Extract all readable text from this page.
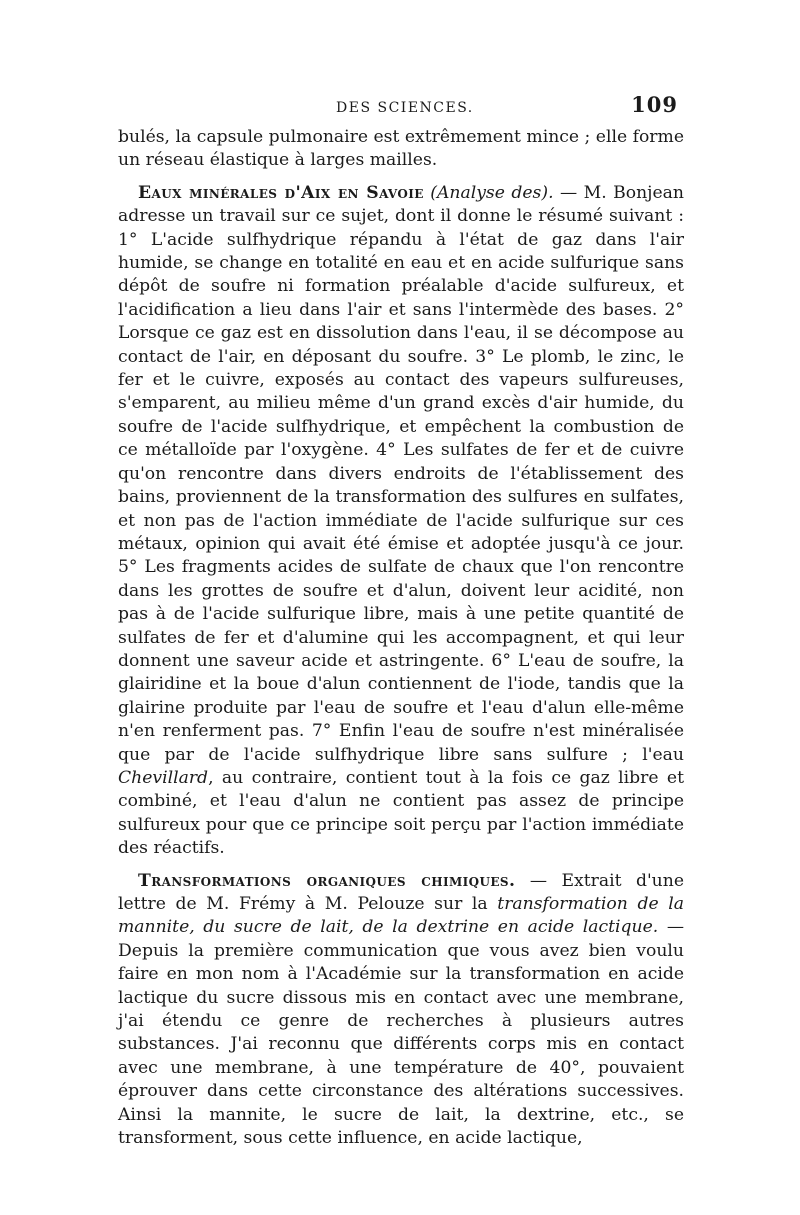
DES SCIENCES.	109

bulés, la capsule pulmonaire est extrêmement mince ; elle forme un réseau élastique à larges mailles.

Eaux minérales d'Aix en Savoie (Analyse des). — M. Bonjean adresse un travail sur ce sujet, dont il donne le résumé suivant : 1° L'acide sulfhydrique répandu à l'état de gaz dans l'air humide, se change en totalité en eau et en acide sulfurique sans dépôt de soufre ni formation préalable d'acide sulfureux, et l'acidification a lieu dans l'air et sans l'intermède des bases. 2° Lorsque ce gaz est en dissolution dans l'eau, il se décompose au contact de l'air, en déposant du soufre. 3° Le plomb, le zinc, le fer et le cuivre, exposés au contact des vapeurs sulfureuses, s'emparent, au milieu même d'un grand excès d'air humide, du soufre de l'acide sulfhydrique, et empêchent la combustion de ce métalloïde par l'oxygène. 4° Les sulfates de fer et de cuivre qu'on rencontre dans divers endroits de l'établissement des bains, proviennent de la transformation des sulfures en sulfates, et non pas de l'action immédiate de l'acide sulfurique sur ces métaux, opinion qui avait été émise et adoptée jusqu'à ce jour. 5° Les fragments acides de sulfate de chaux que l'on rencontre dans les grottes de soufre et d'alun, doivent leur acidité, non pas à de l'acide sulfurique libre, mais à une petite quantité de sulfates de fer et d'alumine qui les accompagnent, et qui leur donnent une saveur acide et astringente. 6° L'eau de soufre, la glairidine et la boue d'alun contiennent de l'iode, tandis que la glairine produite par l'eau de soufre et l'eau d'alun elle-même n'en renferment pas. 7° Enfin l'eau de soufre n'est minéralisée que par de l'acide sulfhydrique libre sans sulfure ; l'eau Chevillard, au contraire, contient tout à la fois ce gaz libre et combiné, et l'eau d'alun ne contient pas assez de principe sulfureux pour que ce principe soit perçu par l'action immédiate des réactifs.

Transformations organiques chimiques. — Extrait d'une lettre de M. Frémy à M. Pelouze sur la transformation de la mannite, du sucre de lait, de la dextrine en acide lactique. — Depuis la première communication que vous avez bien voulu faire en mon nom à l'Académie sur la transformation en acide lactique du sucre dissous mis en contact avec une membrane, j'ai étendu ce genre de recherches à plusieurs autres substances. J'ai reconnu que différents corps mis en contact avec une membrane, à une température de 40°, pouvaient éprouver dans cette circonstance des altérations successives. Ainsi la mannite, le sucre de lait, la dextrine, etc., se transforment, sous cette influence, en acide lactique,
